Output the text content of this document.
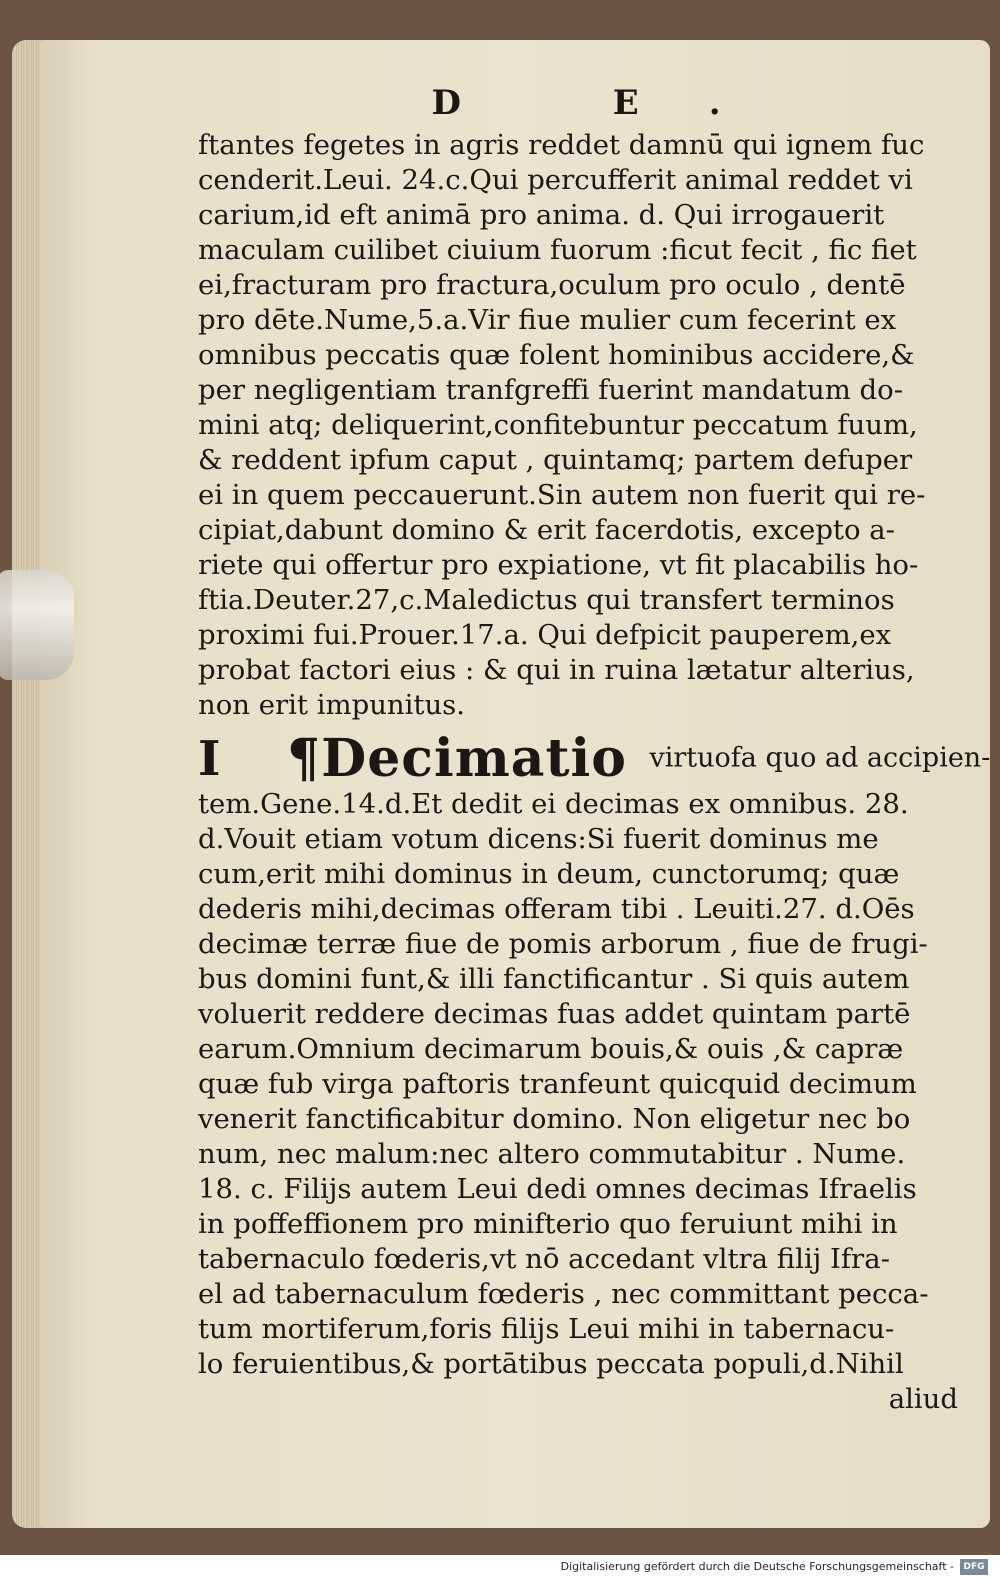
D E.
ftantes fegetes in agris reddet damnū qui ignem fuc
cenderit.Leui. 24.c.Qui percufferit animal reddet vi
carium,id eft animā pro anima. d. Qui irrogauerit
maculam cuilibet ciuium fuorum :ficut fecit , fic fiet
ei,fracturam pro fractura,oculum pro oculo , dentē
pro dēte.Nume,5.a.Vir fiue mulier cum fecerint ex
omnibus peccatis quæ folent hominibus accidere,&
per negligentiam tranfgreffi fuerint mandatum do-
mini atq; deliquerint,confitebuntur peccatum fuum,
& reddent ipfum caput , quintamq; partem defuper
ei in quem peccauerunt.Sin autem non fuerit qui re-
cipiat,dabunt domino & erit facerdotis, excepto a-
riete qui offertur pro expiatione, vt fit placabilis ho-
ftia.Deuter.27,c.Maledictus qui transfert terminos
proximi fui.Prouer.17.a. Qui defpicit pauperem,ex
probat factori eius : & qui in ruina lætatur alterius,
non erit impunitus.
I ¶Decimatio virtuofa quo ad accipien-
tem.Gene.14.d.Et dedit ei decimas ex omnibus. 28.
d.Vouit etiam votum dicens:Si fuerit dominus me
cum,erit mihi dominus in deum, cunctorumq; quæ
dederis mihi,decimas offeram tibi . Leuiti.27. d.Oēs
decimæ terræ fiue de pomis arborum , fiue de frugi-
bus domini funt,& illi fanctificantur . Si quis autem
voluerit reddere decimas fuas addet quintam partē
earum.Omnium decimarum bouis,& ouis ,& capræ
quæ fub virga paftoris tranfeunt quicquid decimum
venerit fanctificabitur domino. Non eligetur nec bo
num, nec malum:nec altero commutabitur . Nume.
18. c. Filijs autem Leui dedi omnes decimas Ifraelis
in poffeffionem pro minifterio quo feruiunt mihi in
tabernaculo fœderis,vt nō accedant vltra filij Ifra-
el ad tabernaculum fœderis , nec committant pecca-
tum mortiferum,foris filijs Leui mihi in tabernacu-
lo feruientibus,& portātibus peccata populi,d.Nihil
aliud
Digitalisierung gefördert durch die Deutsche Forschungsgemeinschaft -	DFG
